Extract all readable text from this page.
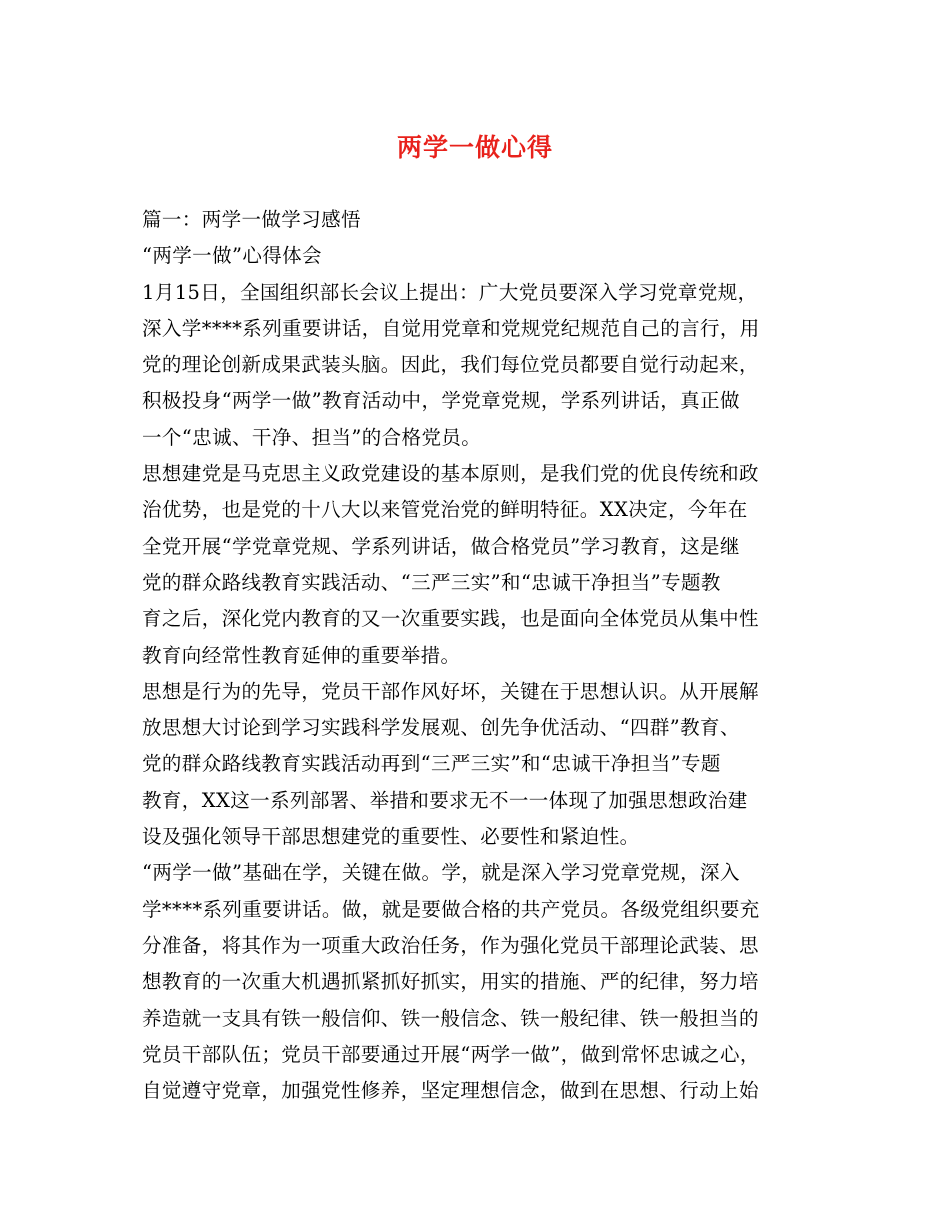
两学一做心得
篇一：两学一做学习感悟
“两学一做”心得体会
1月15日，全国组织部长会议上提出：广大党员要深入学习党章党规，
深入学****系列重要讲话，自觉用党章和党规党纪规范自己的言行，用
党的理论创新成果武装头脑。因此，我们每位党员都要自觉行动起来，
积极投身“两学一做”教育活动中，学党章党规，学系列讲话，真正做
一个“忠诚、干净、担当”的合格党员。
思想建党是马克思主义政党建设的基本原则，是我们党的优良传统和政
治优势，也是党的十八大以来管党治党的鲜明特征。XX决定，今年在
全党开展“学党章党规、学系列讲话，做合格党员”学习教育，这是继
党的群众路线教育实践活动、“三严三实”和“忠诚干净担当”专题教
育之后，深化党内教育的又一次重要实践，也是面向全体党员从集中性
教育向经常性教育延伸的重要举措。
思想是行为的先导，党员干部作风好坏，关键在于思想认识。从开展解
放思想大讨论到学习实践科学发展观、创先争优活动、“四群”教育、
党的群众路线教育实践活动再到“三严三实”和“忠诚干净担当”专题
教育，XX这一系列部署、举措和要求无不一一体现了加强思想政治建
设及强化领导干部思想建党的重要性、必要性和紧迫性。
“两学一做”基础在学，关键在做。学，就是深入学习党章党规，深入
学****系列重要讲话。做，就是要做合格的共产党员。各级党组织要充
分准备，将其作为一项重大政治任务，作为强化党员干部理论武装、思
想教育的一次重大机遇抓紧抓好抓实，用实的措施、严的纪律，努力培
养造就一支具有铁一般信仰、铁一般信念、铁一般纪律、铁一般担当的
党员干部队伍；党员干部要通过开展“两学一做”，做到常怀忠诚之心，
自觉遵守党章，加强党性修养，坚定理想信念，做到在思想、行动上始
